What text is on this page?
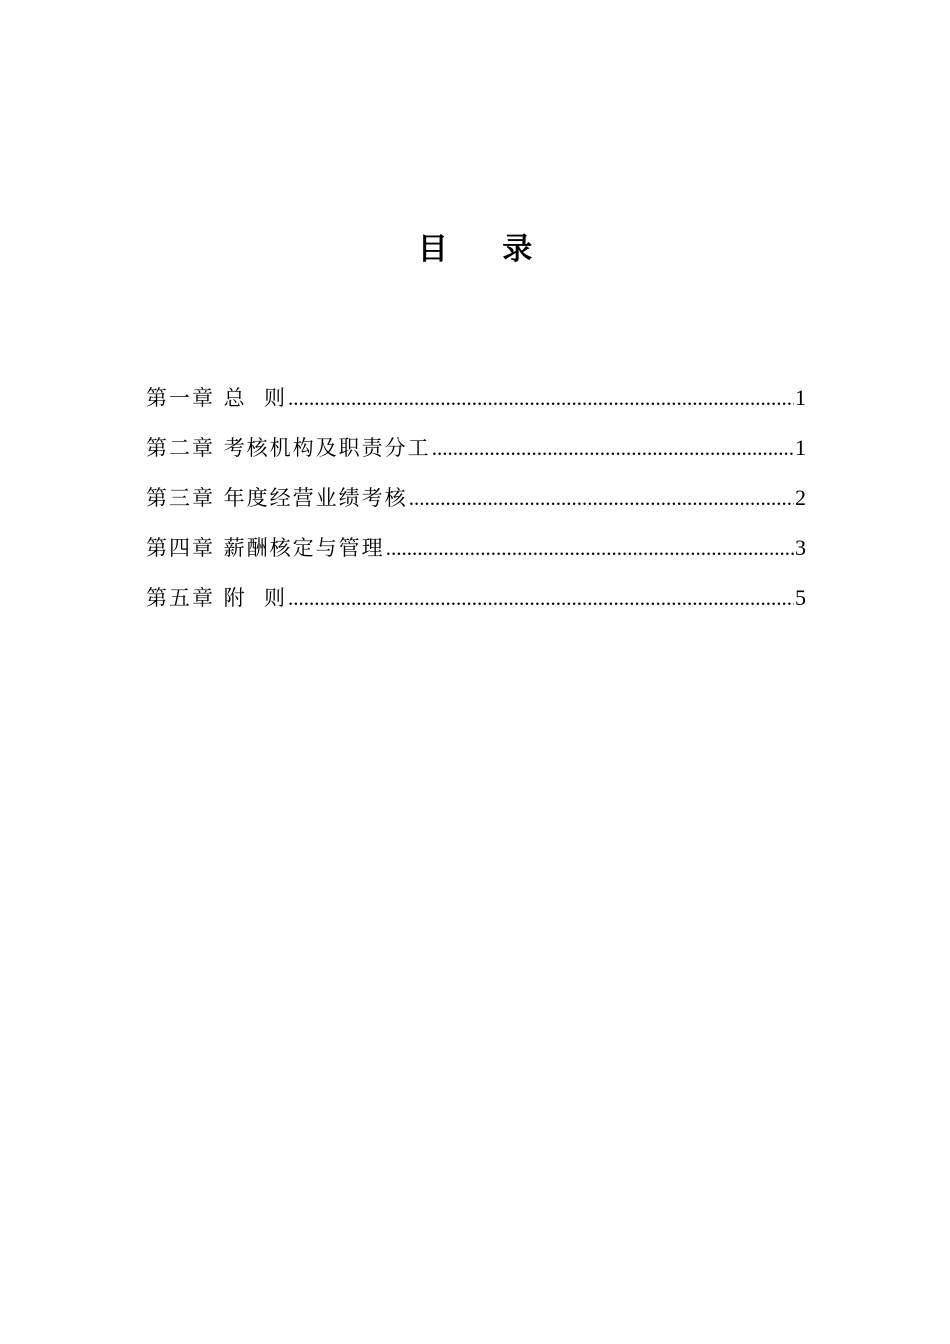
目 录
第一章 总  则 .....	1
第二章 考核机构及职责分工 .....	1
第三章 年度经营业绩考核 .....	2
第四章 薪酬核定与管理 .....	3
第五章 附  则 .....	5
